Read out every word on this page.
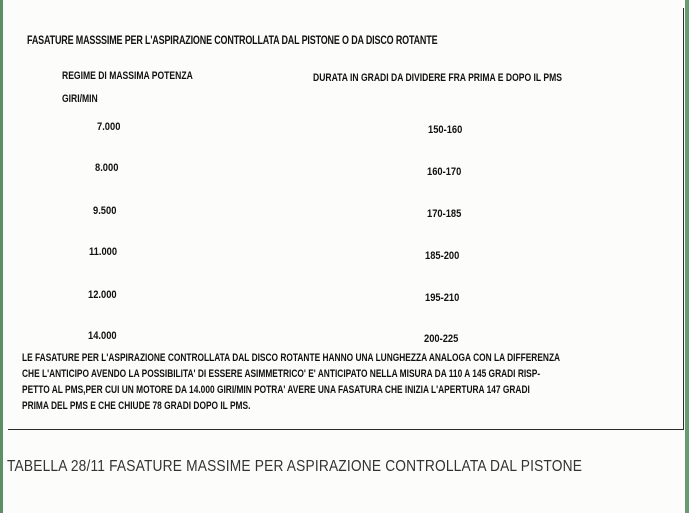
FASATURE MASSSIME PER L'ASPIRAZIONE CONTROLLATA DAL PISTONE O DA DISCO ROTANTE
REGIME DI MASSIMA POTENZA
GIRI/MIN
DURATA IN GRADI DA DIVIDERE FRA PRIMA E DOPO IL PMS
7.000	150-160
8.000	160-170
9.500	170-185
11.000	185-200
12.000	195-210
14.000	200-225
LE FASATURE PER L'ASPIRAZIONE CONTROLLATA DAL DISCO ROTANTE HANNO UNA LUNGHEZZA ANALOGA CON LA DIFFERENZA
CHE L'ANTICIPO AVENDO LA POSSIBILITA' DI ESSERE ASIMMETRICO' E' ANTICIPATO NELLA MISURA DA 110 A 145 GRADI RISP-
PETTO AL PMS,PER CUI UN MOTORE DA 14.000 GIRI/MIN POTRA' AVERE UNA FASATURA CHE INIZIA L'APERTURA 147 GRADI
PRIMA DEL PMS E CHE CHIUDE 78 GRADI DOPO IL PMS.
TABELLA 28/11 FASATURE MASSIME PER ASPIRAZIONE CONTROLLATA DAL PISTONE
